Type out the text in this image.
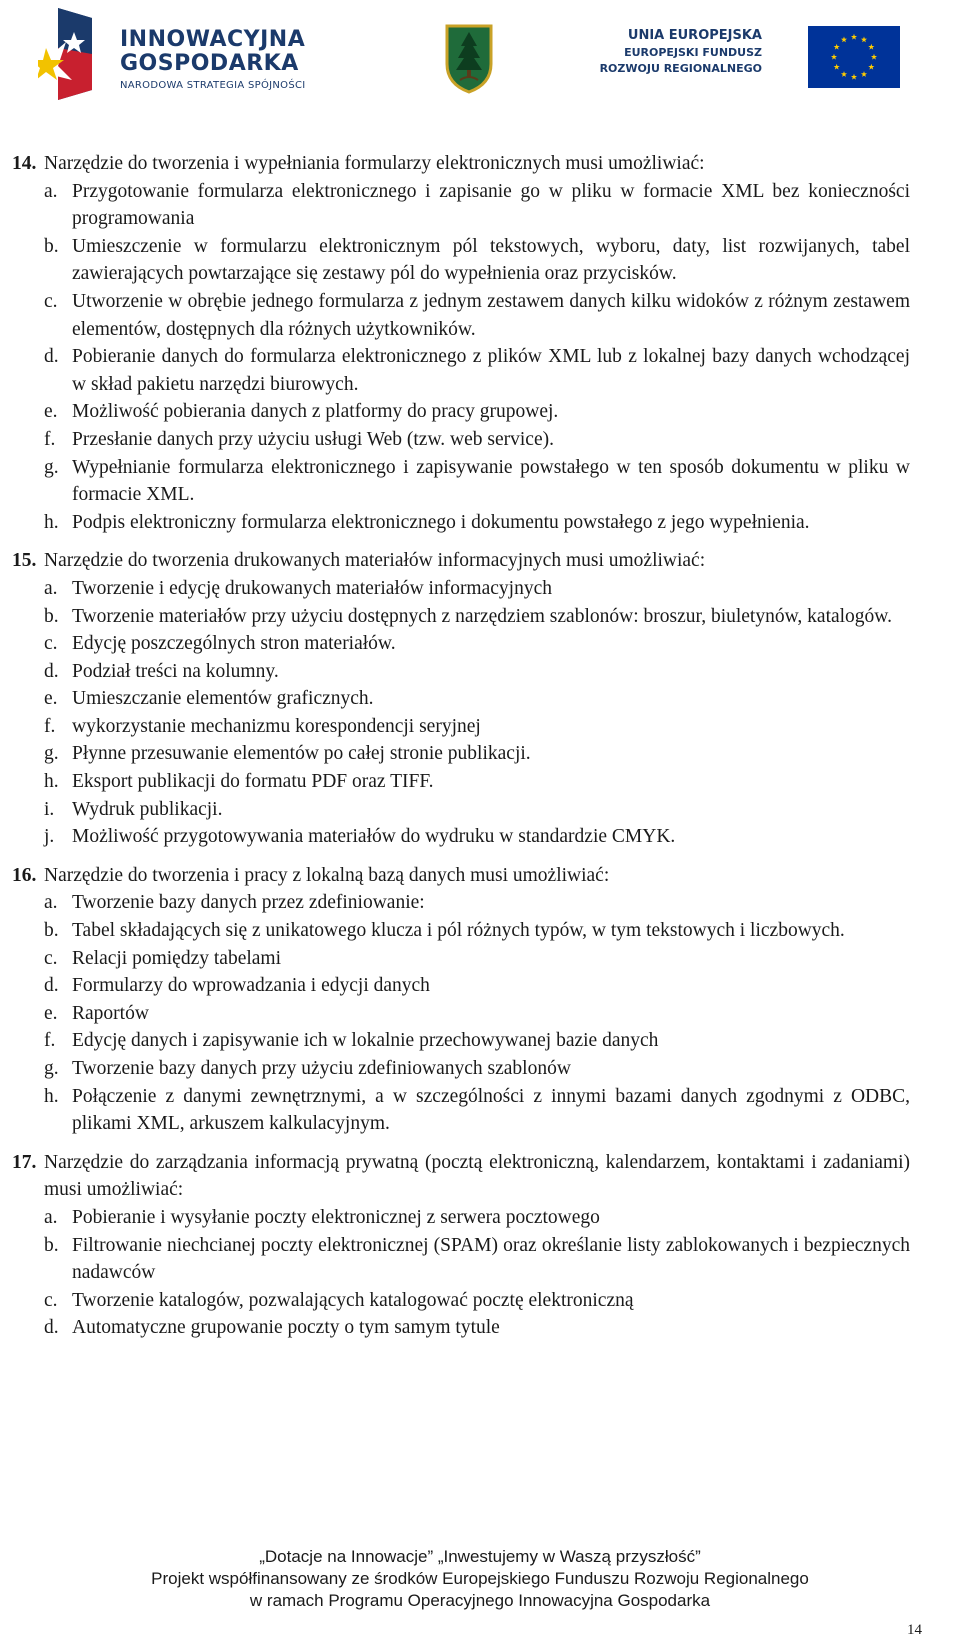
INNOWACYJNA
GOSPODARKA
NARODOWA STRATEGIA SPÓJNOŚCI
UNIA EUROPEJSKA
EUROPEJSKI FUNDUSZ
ROZWOJU REGIONALNEGO
14. Narzędzie do tworzenia i wypełniania formularzy elektronicznych musi umożliwiać:
a. Przygotowanie formularza elektronicznego i zapisanie go w pliku w formacie XML bez konieczności programowania
b. Umieszczenie w formularzu elektronicznym pól tekstowych, wyboru, daty, list rozwijanych, tabel zawierających powtarzające się zestawy pól do wypełnienia oraz przycisków.
c. Utworzenie w obrębie jednego formularza z jednym zestawem danych kilku widoków z różnym zestawem elementów, dostępnych dla różnych użytkowników.
d. Pobieranie danych do formularza elektronicznego z plików XML lub z lokalnej bazy danych wchodzącej w skład pakietu narzędzi biurowych.
e. Możliwość pobierania danych z platformy do pracy grupowej.
f. Przesłanie danych przy użyciu usługi Web (tzw. web service).
g. Wypełnianie formularza elektronicznego i zapisywanie powstałego w ten sposób dokumentu w pliku w formacie XML.
h. Podpis elektroniczny formularza elektronicznego i dokumentu powstałego z jego wypełnienia.
15. Narzędzie do tworzenia drukowanych materiałów informacyjnych musi umożliwiać:
a. Tworzenie i edycję drukowanych materiałów informacyjnych
b. Tworzenie materiałów przy użyciu dostępnych z narzędziem szablonów: broszur, biuletynów, katalogów.
c. Edycję poszczególnych stron materiałów.
d. Podział treści na kolumny.
e. Umieszczanie elementów graficznych.
f. wykorzystanie mechanizmu korespondencji seryjnej
g. Płynne przesuwanie elementów po całej stronie publikacji.
h. Eksport publikacji do formatu PDF oraz TIFF.
i. Wydruk publikacji.
j. Możliwość przygotowywania materiałów do wydruku w standardzie CMYK.
16. Narzędzie do tworzenia i pracy z lokalną bazą danych musi umożliwiać:
a. Tworzenie bazy danych przez zdefiniowanie:
b. Tabel składających się z unikatowego klucza i pól różnych typów, w tym tekstowych i liczbowych.
c. Relacji pomiędzy tabelami
d. Formularzy do wprowadzania i edycji danych
e. Raportów
f. Edycję danych i zapisywanie ich w lokalnie przechowywanej bazie danych
g. Tworzenie bazy danych przy użyciu zdefiniowanych szablonów
h. Połączenie z danymi zewnętrznymi, a w szczególności z innymi bazami danych zgodnymi z ODBC, plikami XML, arkuszem kalkulacyjnym.
17. Narzędzie do zarządzania informacją prywatną (pocztą elektroniczną, kalendarzem, kontaktami i zadaniami) musi umożliwiać:
a. Pobieranie i wysyłanie poczty elektronicznej z serwera pocztowego
b. Filtrowanie niechcianej poczty elektronicznej (SPAM) oraz określanie listy zablokowanych i bezpiecznych nadawców
c. Tworzenie katalogów, pozwalających katalogować pocztę elektroniczną
d. Automatyczne grupowanie poczty o tym samym tytule
„Dotacje na Innowacje” „Inwestujemy w Waszą przyszłość”
Projekt współfinansowany ze środków Europejskiego Funduszu Rozwoju Regionalnego
w ramach Programu Operacyjnego Innowacyjna Gospodarka
14
